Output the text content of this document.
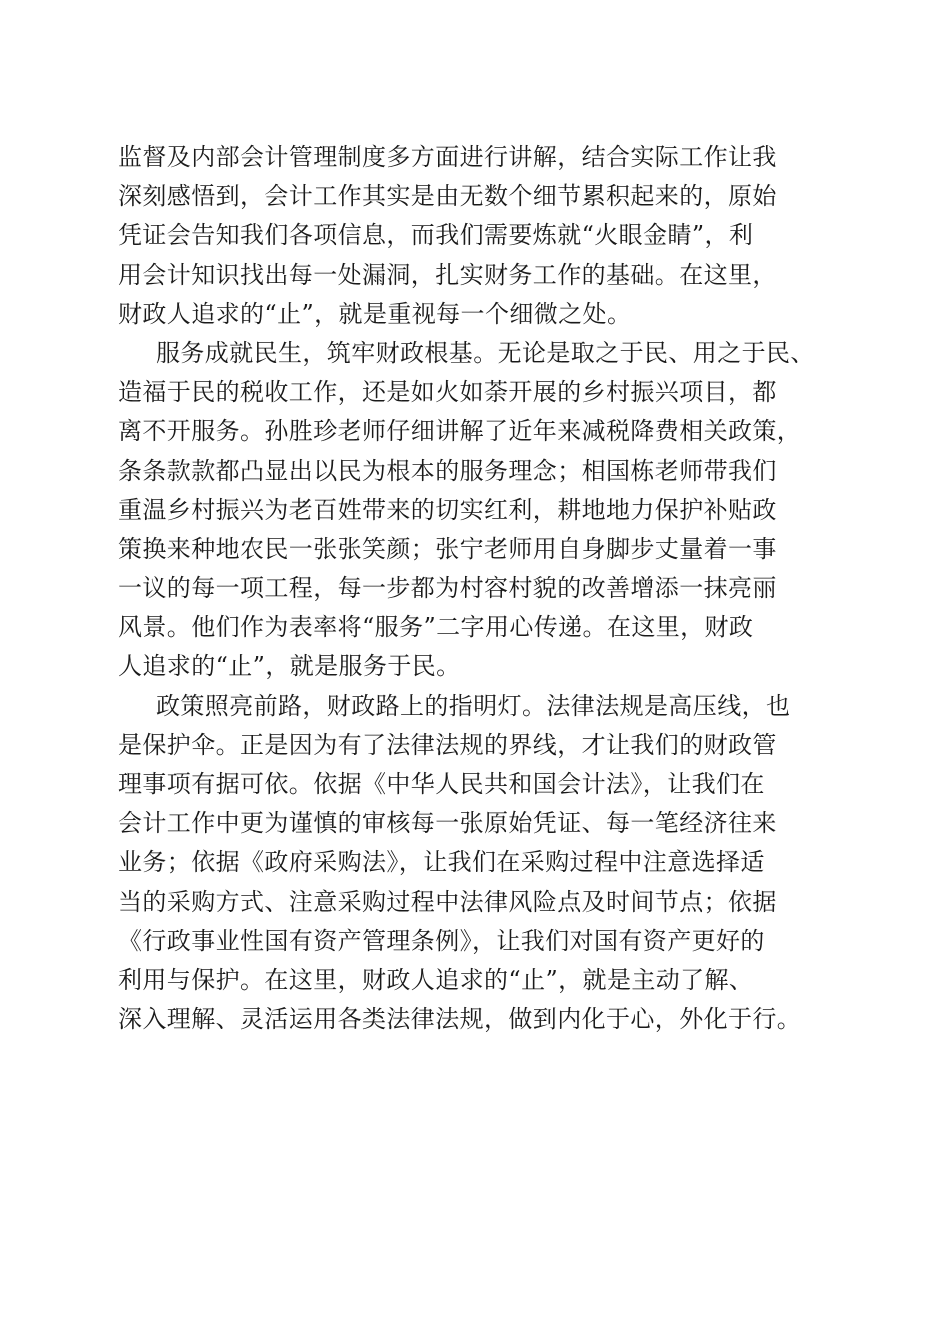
监督及内部会计管理制度多方面进行讲解，结合实际工作让我
深刻感悟到，会计工作其实是由无数个细节累积起来的，原始
凭证会告知我们各项信息，而我们需要炼就“火眼金睛”，利
用会计知识找出每一处漏洞，扎实财务工作的基础。在这里，
财政人追求的“止”，就是重视每一个细微之处。
服务成就民生，筑牢财政根基。无论是取之于民、用之于民、
造福于民的税收工作，还是如火如荼开展的乡村振兴项目，都
离不开服务。孙胜珍老师仔细讲解了近年来减税降费相关政策，
条条款款都凸显出以民为根本的服务理念；相国栋老师带我们
重温乡村振兴为老百姓带来的切实红利，耕地地力保护补贴政
策换来种地农民一张张笑颜；张宁老师用自身脚步丈量着一事
一议的每一项工程，每一步都为村容村貌的改善增添一抹亮丽
风景。他们作为表率将“服务”二字用心传递。在这里，财政
人追求的“止”，就是服务于民。
政策照亮前路，财政路上的指明灯。法律法规是高压线，也
是保护伞。正是因为有了法律法规的界线，才让我们的财政管
理事项有据可依。依据《中华人民共和国会计法》，让我们在
会计工作中更为谨慎的审核每一张原始凭证、每一笔经济往来
业务；依据《政府采购法》，让我们在采购过程中注意选择适
当的采购方式、注意采购过程中法律风险点及时间节点；依据
《行政事业性国有资产管理条例》，让我们对国有资产更好的
利用与保护。在这里，财政人追求的“止”，就是主动了解、
深入理解、灵活运用各类法律法规，做到内化于心，外化于行。
